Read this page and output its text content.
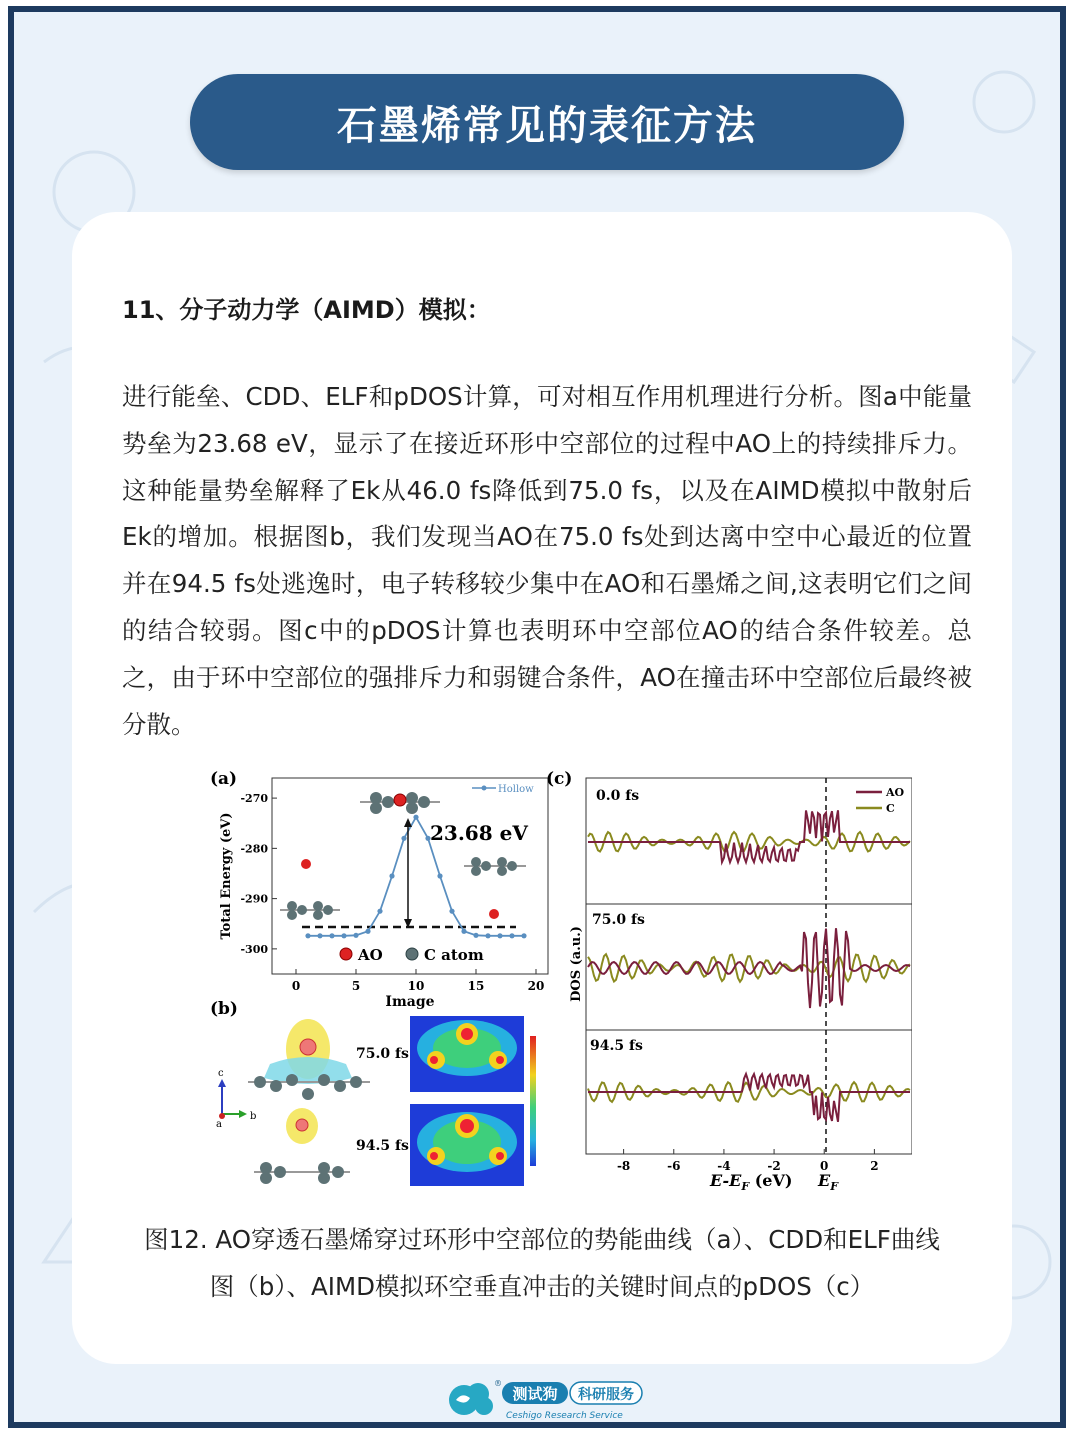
石墨烯常见的表征方法
11、分子动力学（AIMD）模拟：
进行能垒、CDD、ELF和pDOS计算，可对相互作用机理进行分析。图a中能量势垒为23.68 eV，显示了在接近环形中空部位的过程中AO上的持续排斥力。这种能量势垒解释了Ek从46.0 fs降低到75.0 fs，以及在AIMD模拟中散射后Ek的增加。根据图b，我们发现当AO在75.0 fs处到达离中空中心最近的位置并在94.5 fs处逃逸时，电子转移较少集中在AO和石墨烯之间,这表明它们之间的结合较弱。图c中的pDOS计算也表明环中空部位AO的结合条件较差。总之，由于环中空部位的强排斥力和弱键合条件，AO在撞击环中空部位后最终被分散。
(a)
Total Energy (eV)
Image
-270
-280
-290
-300
0	5	10	15	20
23.68 eV
Hollow
AO	C atom
(b)
c
a
b
75.0 fs
94.5 fs
(c)
DOS (a.u.)
0.0 fs
75.0 fs
94.5 fs
AO
C
-8	-6	-4	-2	0	2
$E-E_F$ (eV) $E_F$
图12. AO穿透石墨烯穿过环形中空部位的势能曲线（a）、CDD和ELF曲线
图（b）、AIMD模拟环空垂直冲击的关键时间点的pDOS（c）
®
测试狗 科研服务
Ceshigo Research Service
